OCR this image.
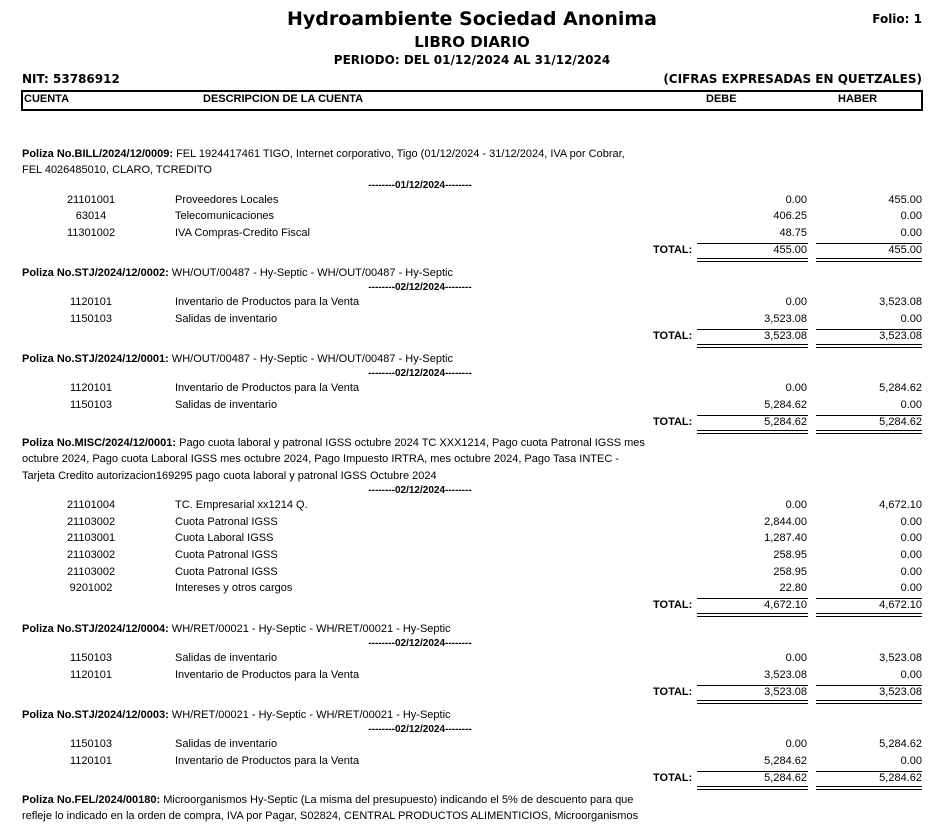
Hydroambiente Sociedad Anonima
LIBRO DIARIO
PERIODO: DEL 01/12/2024 AL 31/12/2024
Folio: 1
NIT: 53786912	(CIFRAS EXPRESADAS EN QUETZALES)
CUENTA	DESCRIPCION DE LA CUENTA	DEBE	HABER
Poliza No.BILL/2024/12/0009: FEL 1924417461 TIGO, Internet corporativo, Tigo (01/12/2024 - 31/12/2024, IVA por Cobrar, FEL 4026485010, CLARO, TCREDITO
--------01/12/2024--------
21101001	Proveedores Locales	0.00	455.00
63014	Telecomunicaciones	406.25	0.00
11301002	IVA Compras-Credito Fiscal	48.75	0.00
TOTAL:	455.00	455.00
Poliza No.STJ/2024/12/0002: WH/OUT/00487 - Hy-Septic - WH/OUT/00487 - Hy-Septic
--------02/12/2024--------
1120101	Inventario de Productos para la Venta	0.00	3,523.08
1150103	Salidas de inventario	3,523.08	0.00
TOTAL:	3,523.08	3,523.08
Poliza No.STJ/2024/12/0001: WH/OUT/00487 - Hy-Septic - WH/OUT/00487 - Hy-Septic
--------02/12/2024--------
1120101	Inventario de Productos para la Venta	0.00	5,284.62
1150103	Salidas de inventario	5,284.62	0.00
TOTAL:	5,284.62	5,284.62
Poliza No.MISC/2024/12/0001: Pago cuota laboral y patronal IGSS octubre 2024 TC XXX1214, Pago cuota Patronal IGSS mes octubre 2024, Pago cuota Laboral IGSS mes octubre 2024, Pago Impuesto IRTRA, mes octubre 2024, Pago Tasa INTEC - Tarjeta Credito autorizacion169295 pago cuota laboral y patronal IGSS Octubre 2024
--------02/12/2024--------
21101004	TC. Empresarial xx1214 Q.	0.00	4,672.10
21103002	Cuota Patronal IGSS	2,844.00	0.00
21103001	Cuota Laboral IGSS	1,287.40	0.00
21103002	Cuota Patronal IGSS	258.95	0.00
21103002	Cuota Patronal IGSS	258.95	0.00
9201002	Intereses y otros cargos	22.80	0.00
TOTAL:	4,672.10	4,672.10
Poliza No.STJ/2024/12/0004: WH/RET/00021 - Hy-Septic - WH/RET/00021 - Hy-Septic
--------02/12/2024--------
1150103	Salidas de inventario	0.00	3,523.08
1120101	Inventario de Productos para la Venta	3,523.08	0.00
TOTAL:	3,523.08	3,523.08
Poliza No.STJ/2024/12/0003: WH/RET/00021 - Hy-Septic - WH/RET/00021 - Hy-Septic
--------02/12/2024--------
1150103	Salidas de inventario	0.00	5,284.62
1120101	Inventario de Productos para la Venta	5,284.62	0.00
TOTAL:	5,284.62	5,284.62
Poliza No.FEL/2024/00180: Microorganismos Hy-Septic (La misma del presupuesto) indicando el 5% de descuento para que refleje lo indicado en la orden de compra, IVA por Pagar, S02824, CENTRAL PRODUCTOS ALIMENTICIOS, Microorganismos
